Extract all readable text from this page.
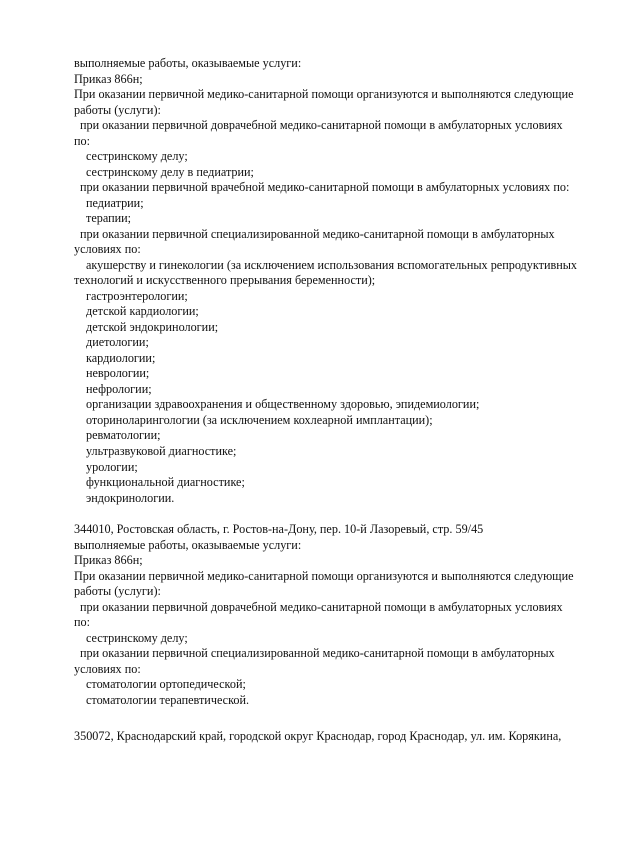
выполняемые работы, оказываемые услуги:
Приказ 866н;
При оказании первичной медико-санитарной помощи организуются и выполняются следующие
работы (услуги):
при оказании первичной доврачебной медико-санитарной помощи в амбулаторных условиях
по:
сестринскому делу;
сестринскому делу в педиатрии;
при оказании первичной врачебной медико-санитарной помощи в амбулаторных условиях по:
педиатрии;
терапии;
при оказании первичной специализированной медико-санитарной помощи в амбулаторных
условиях по:
акушерству и гинекологии (за исключением использования вспомогательных репродуктивных
технологий и искусственного прерывания беременности);
гастроэнтерологии;
детской кардиологии;
детской эндокринологии;
диетологии;
кардиологии;
неврологии;
нефрологии;
организации здравоохранения и общественному здоровью, эпидемиологии;
оториноларингологии (за исключением кохлеарной имплантации);
ревматологии;
ультразвуковой диагностике;
урологии;
функциональной диагностике;
эндокринологии.
344010, Ростовская область, г. Ростов-на-Дону, пер. 10-й Лазоревый, стр. 59/45
выполняемые работы, оказываемые услуги:
Приказ 866н;
При оказании первичной медико-санитарной помощи организуются и выполняются следующие
работы (услуги):
при оказании первичной доврачебной медико-санитарной помощи в амбулаторных условиях
по:
сестринскому делу;
при оказании первичной специализированной медико-санитарной помощи в амбулаторных
условиях по:
стоматологии ортопедической;
стоматологии терапевтической.
350072, Краснодарский край, городской округ Краснодар, город Краснодар, ул. им. Корякина,
